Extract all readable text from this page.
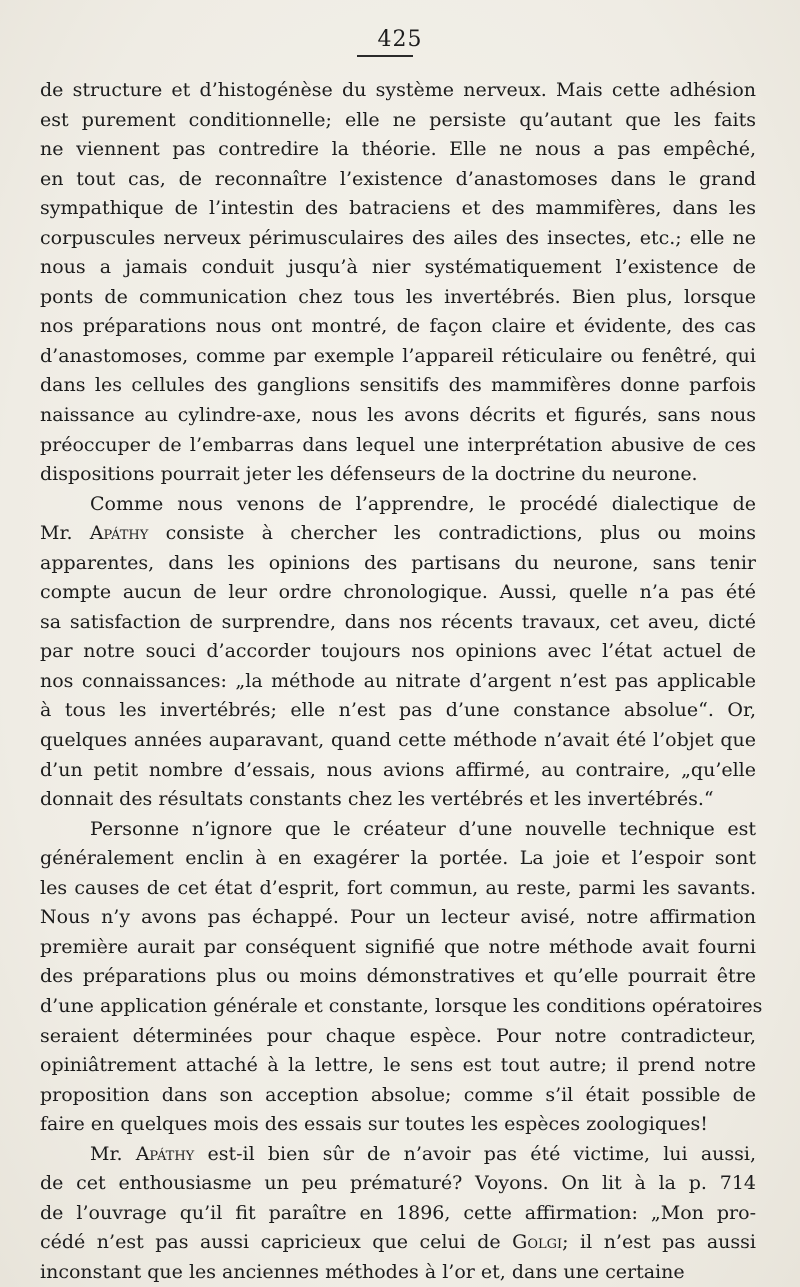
425
de structure et d’histogénèse du système nerveux. Mais cette adhésion
est purement conditionnelle; elle ne persiste qu’autant que les faits
ne viennent pas contredire la théorie. Elle ne nous a pas empêché,
en tout cas, de reconnaître l’existence d’anastomoses dans le grand
sympathique de l’intestin des batraciens et des mammifères, dans les
corpuscules nerveux périmusculaires des ailes des insectes, etc.; elle ne
nous a jamais conduit jusqu’à nier systématiquement l’existence de
ponts de communication chez tous les invertébrés. Bien plus, lorsque
nos préparations nous ont montré, de façon claire et évidente, des cas
d’anastomoses, comme par exemple l’appareil réticulaire ou fenêtré, qui
dans les cellules des ganglions sensitifs des mammifères donne parfois
naissance au cylindre-axe, nous les avons décrits et figurés, sans nous
préoccuper de l’embarras dans lequel une interprétation abusive de ces
dispositions pourrait jeter les défenseurs de la doctrine du neurone.
Comme nous venons de l’apprendre, le procédé dialectique de
Mr. Apáthy consiste à chercher les contradictions, plus ou moins
apparentes, dans les opinions des partisans du neurone, sans tenir
compte aucun de leur ordre chronologique. Aussi, quelle n’a pas été
sa satisfaction de surprendre, dans nos récents travaux, cet aveu, dicté
par notre souci d’accorder toujours nos opinions avec l’état actuel de
nos connaissances: „la méthode au nitrate d’argent n’est pas applicable
à tous les invertébrés; elle n’est pas d’une constance absolue“. Or,
quelques années auparavant, quand cette méthode n’avait été l’objet que
d’un petit nombre d’essais, nous avions affirmé, au contraire, „qu’elle
donnait des résultats constants chez les vertébrés et les invertébrés.“
Personne n’ignore que le créateur d’une nouvelle technique est
généralement enclin à en exagérer la portée. La joie et l’espoir sont
les causes de cet état d’esprit, fort commun, au reste, parmi les savants.
Nous n’y avons pas échappé. Pour un lecteur avisé, notre affirmation
première aurait par conséquent signifié que notre méthode avait fourni
des préparations plus ou moins démonstratives et qu’elle pourrait être
d’une application générale et constante, lorsque les conditions opératoires
seraient déterminées pour chaque espèce. Pour notre contradicteur,
opiniâtrement attaché à la lettre, le sens est tout autre; il prend notre
proposition dans son acception absolue; comme s’il était possible de
faire en quelques mois des essais sur toutes les espèces zoologiques!
Mr. Apáthy est-il bien sûr de n’avoir pas été victime, lui aussi,
de cet enthousiasme un peu prématuré? Voyons. On lit à la p. 714
de l’ouvrage qu’il fit paraître en 1896, cette affirmation: „Mon pro-
cédé n’est pas aussi capricieux que celui de Golgi; il n’est pas aussi
inconstant que les anciennes méthodes à l’or et, dans une certaine
